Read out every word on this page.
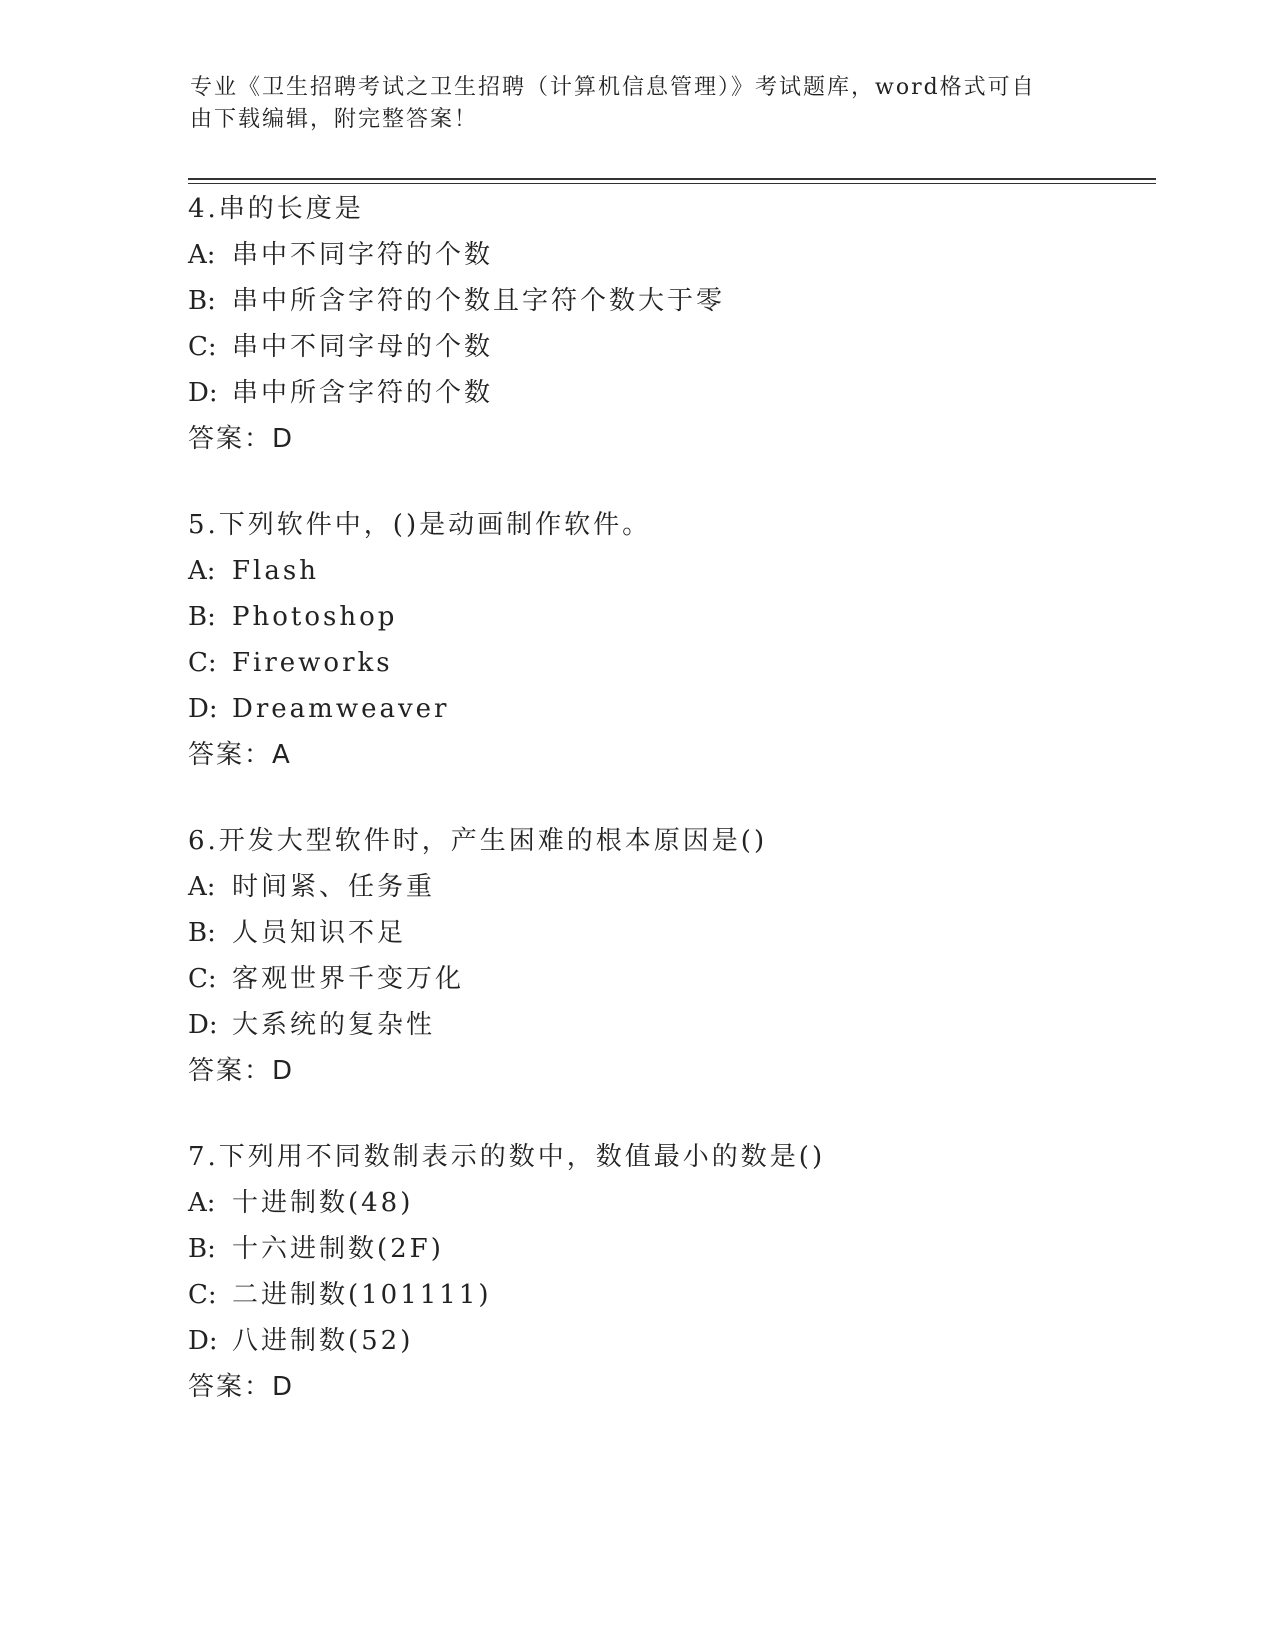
专业《卫生招聘考试之卫生招聘（计算机信息管理）》考试题库，word格式可自
由下载编辑，附完整答案！
4.串的长度是
A: 串中不同字符的个数
B: 串中所含字符的个数且字符个数大于零
C: 串中不同字母的个数
D: 串中所含字符的个数
答案：D
5.下列软件中，()是动画制作软件。
A: Flash
B: Photoshop
C: Fireworks
D: Dreamweaver
答案：A
6.开发大型软件时，产生困难的根本原因是()
A: 时间紧、任务重
B: 人员知识不足
C: 客观世界千变万化
D: 大系统的复杂性
答案：D
7.下列用不同数制表示的数中，数值最小的数是()
A: 十进制数(48)
B: 十六进制数(2F)
C: 二进制数(101111)
D: 八进制数(52)
答案：D
